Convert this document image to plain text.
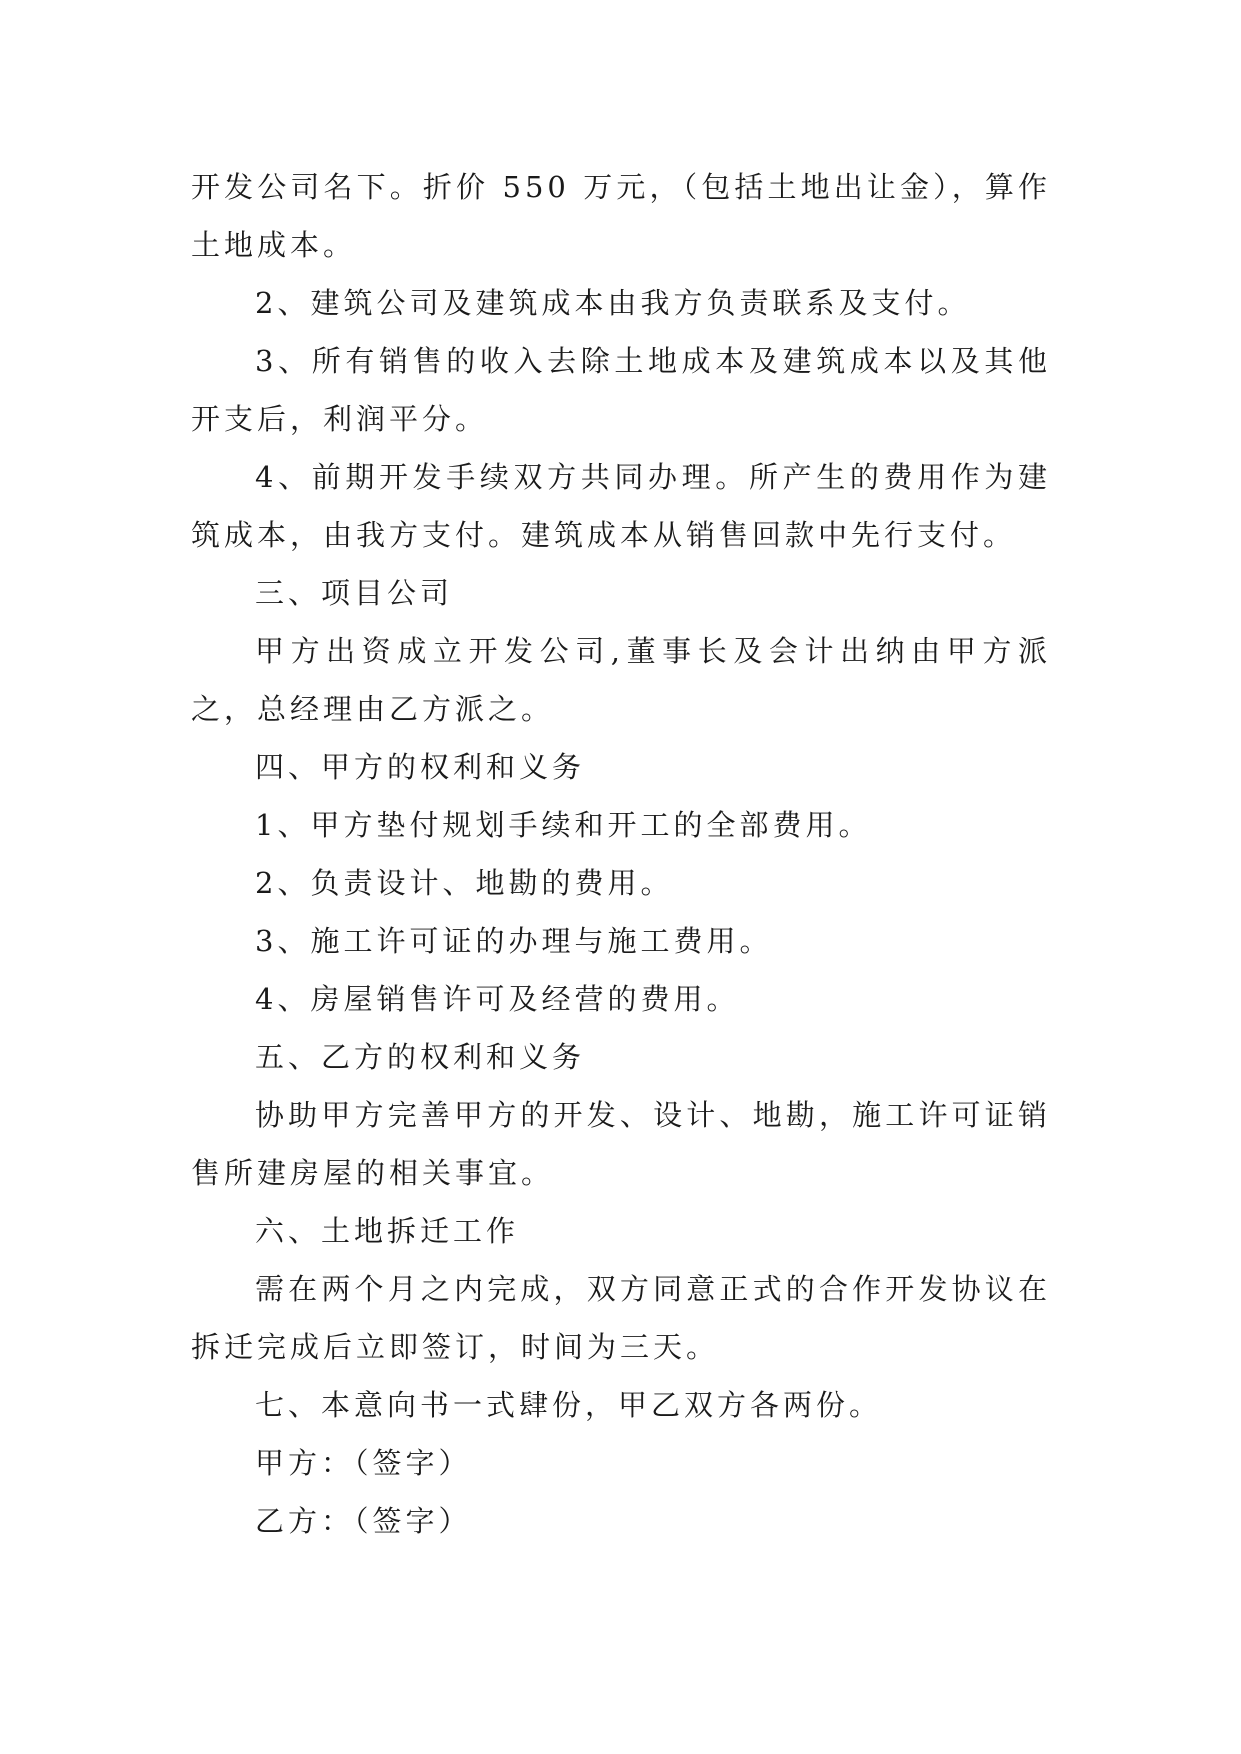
开发公司名下。折价 550 万元，（包括土地出让金），算作土地成本。

2、建筑公司及建筑成本由我方负责联系及支付。

3、所有销售的收入去除土地成本及建筑成本以及其他开支后，利润平分。

4、前期开发手续双方共同办理。所产生的费用作为建筑成本，由我方支付。建筑成本从销售回款中先行支付。

三、项目公司

甲方出资成立开发公司,董事长及会计出纳由甲方派之，总经理由乙方派之。

四、甲方的权利和义务

1、甲方垫付规划手续和开工的全部费用。

2、负责设计、地勘的费用。

3、施工许可证的办理与施工费用。

4、房屋销售许可及经营的费用。

五、乙方的权利和义务

协助甲方完善甲方的开发、设计、地勘，施工许可证销售所建房屋的相关事宜。

六、土地拆迁工作

需在两个月之内完成，双方同意正式的合作开发协议在拆迁完成后立即签订，时间为三天。

七、本意向书一式肆份，甲乙双方各两份。

甲方：（签字）

乙方：（签字）
